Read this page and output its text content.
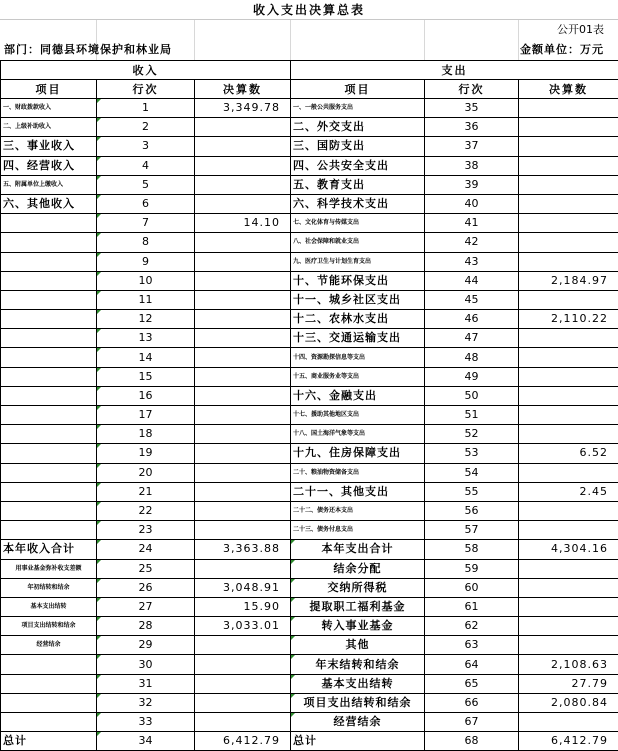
收入支出决算总表
公开01表
部门：同德县环境保护和林业局	金额单位：万元
收入			支出		
项目	行次	决算数	项目	行次	决算数
一、财政拨款收入	1	3,349.78	一、一般公共服务支出	35	
二、上级补助收入	2		二、外交支出	36	
三、事业收入	3		三、国防支出	37	
四、经营收入	4		四、公共安全支出	38	
五、附属单位上缴收入	5		五、教育支出	39	
六、其他收入	6		六、科学技术支出	40	
	7	14.10	七、文化体育与传媒支出	41	
	8		八、社会保障和就业支出	42	
	9		九、医疗卫生与计划生育支出	43	
	10		十、节能环保支出	44	2,184.97
	11		十一、城乡社区支出	45	
	12		十二、农林水支出	46	2,110.22
	13		十三、交通运输支出	47	
	14		十四、资源勘探信息等支出	48	
	15		十五、商业服务业等支出	49	
	16		十六、金融支出	50	
	17		十七、援助其他地区支出	51	
	18		十八、国土海洋气象等支出	52	
	19		十九、住房保障支出	53	6.52
	20		二十、粮油物资储备支出	54	
	21		二十一、其他支出	55	2.45
	22		二十二、债务还本支出	56	
	23		二十三、债务付息支出	57	
本年收入合计	24	3,363.88	本年支出合计	58	4,304.16
用事业基金弥补收支差额	25		结余分配	59	
年初结转和结余	26	3,048.91	交纳所得税	60	
基本支出结转	27	15.90	提取职工福利基金	61	
项目支出结转和结余	28	3,033.01	转入事业基金	62	
经营结余	29		其他	63	
	30		年末结转和结余	64	2,108.63
	31		基本支出结转	65	27.79
	32		项目支出结转和结余	66	2,080.84
	33		经营结余	67	
总计	34	6,412.79	总计	68	6,412.79
